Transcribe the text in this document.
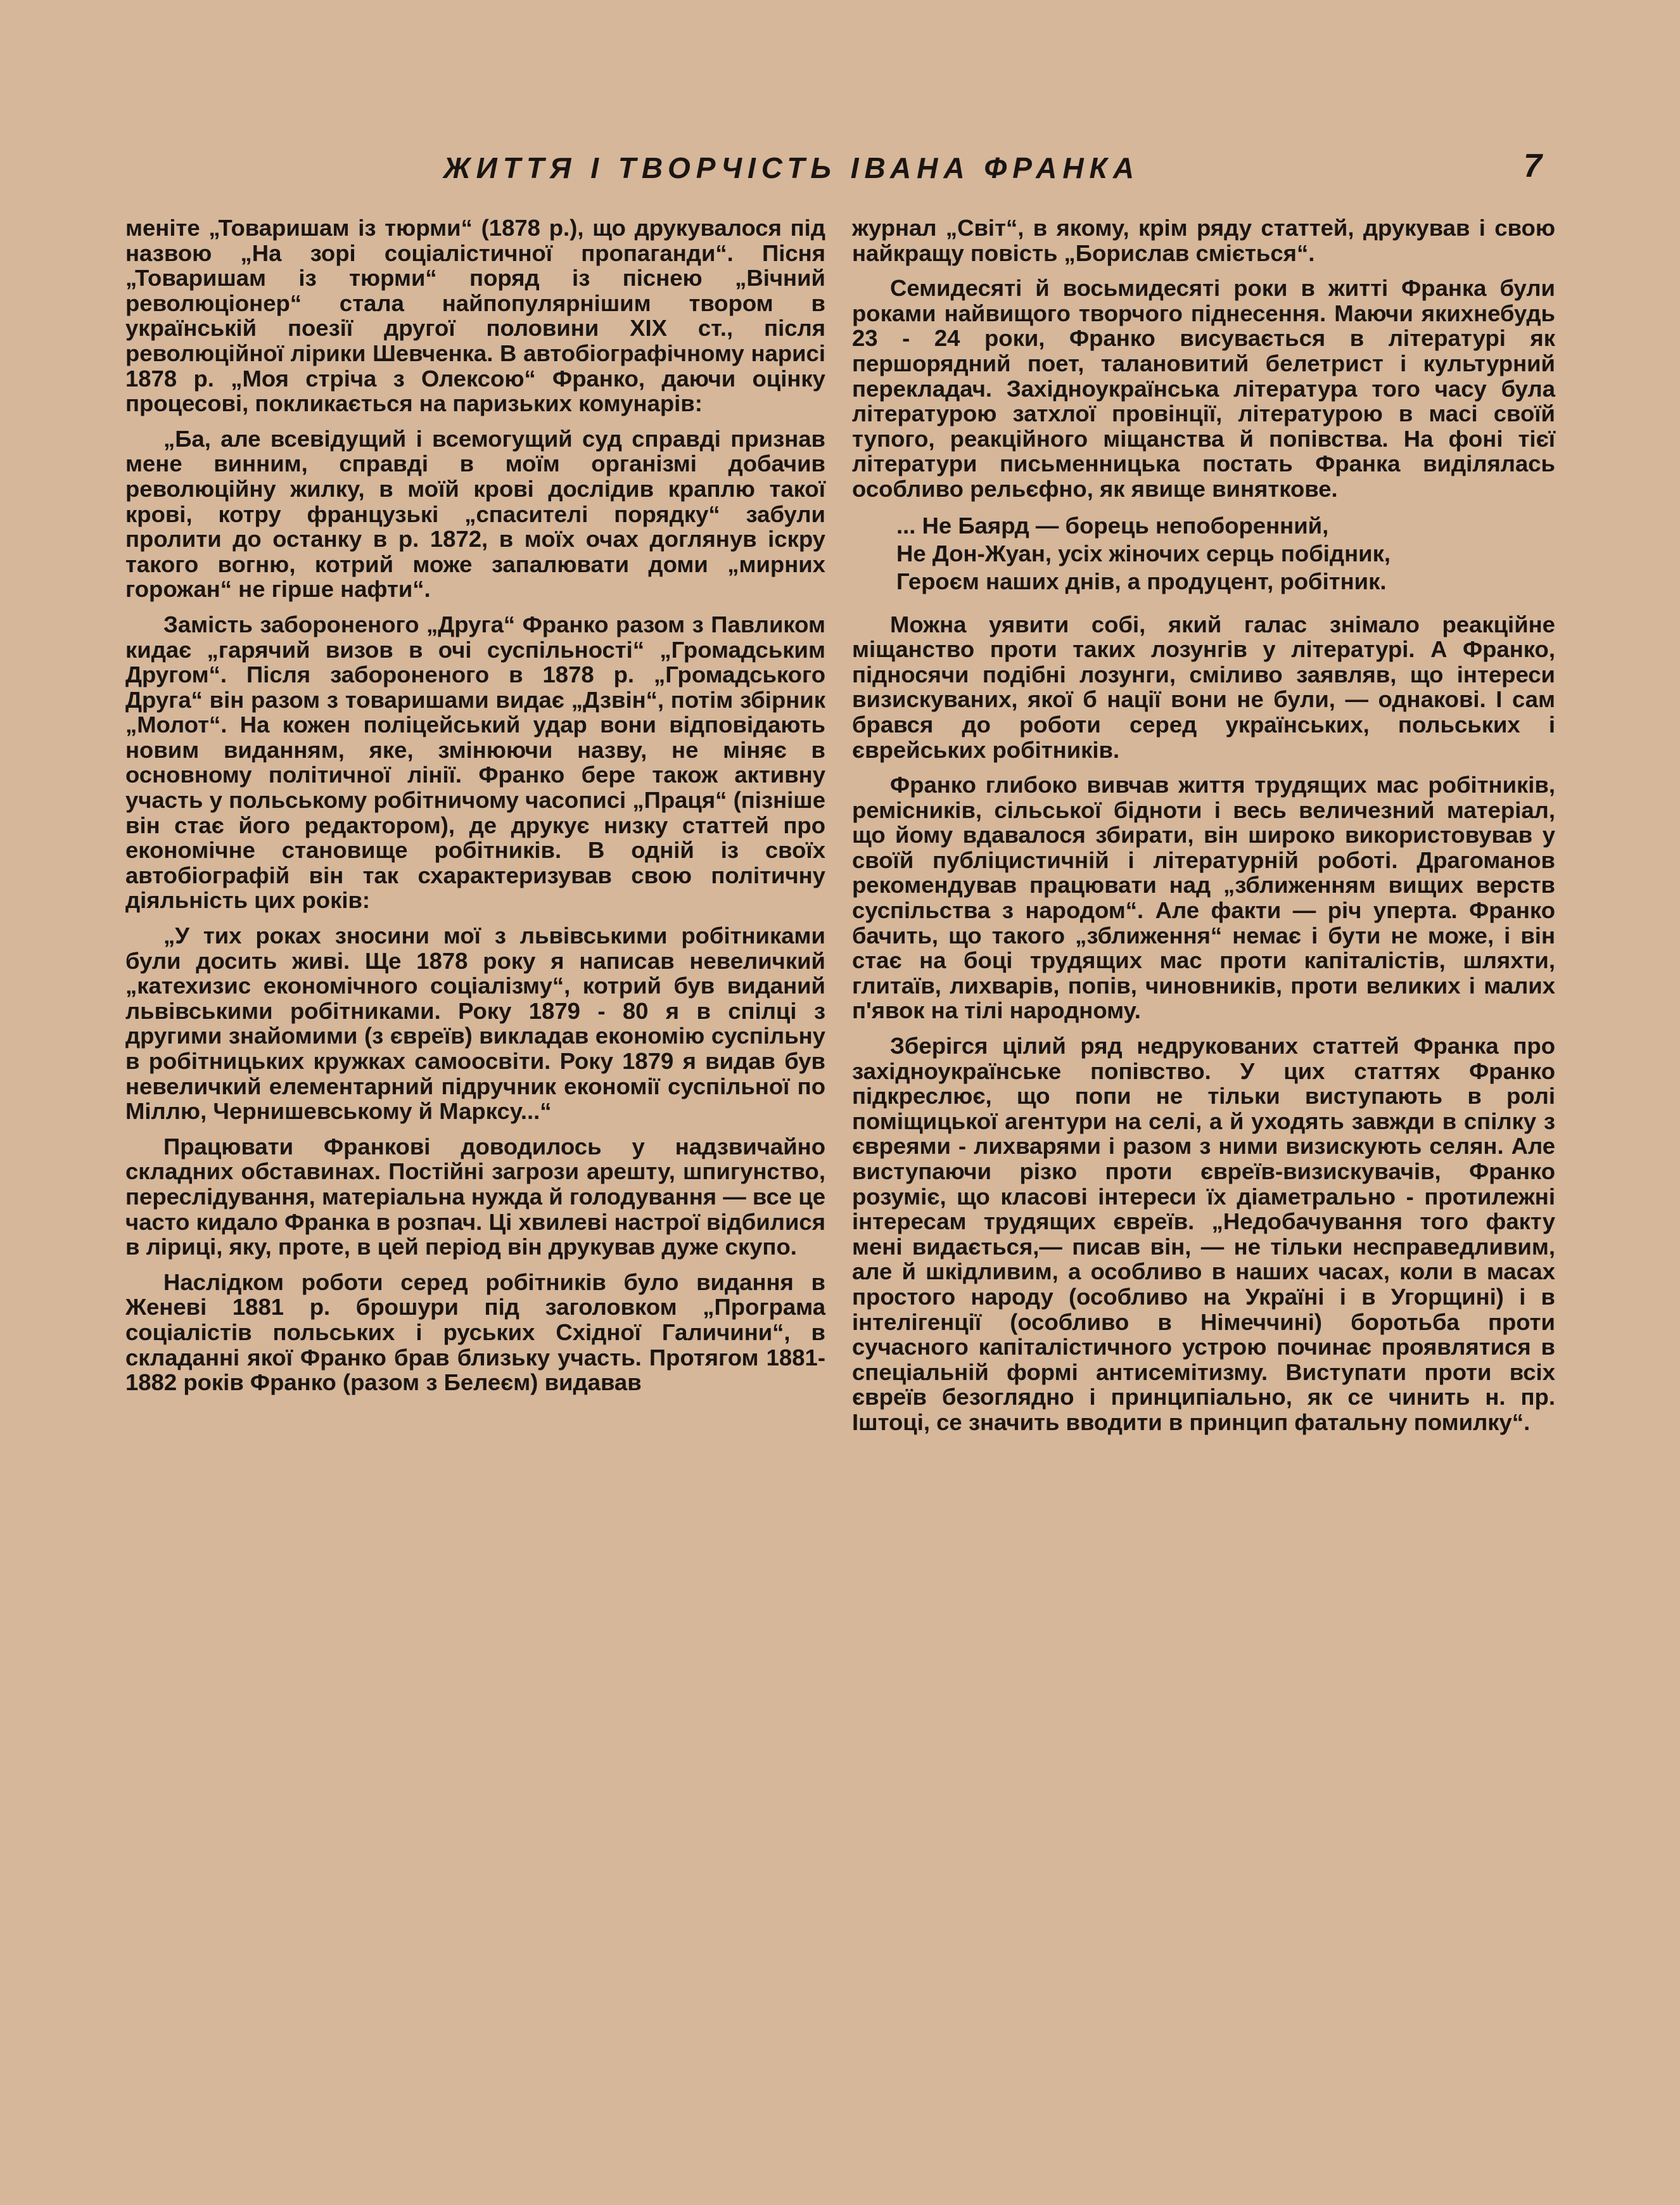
ЖИТТЯ І ТВОРЧІСТЬ ІВАНА ФРАНКА	7

меніте „Товаришам із тюрми“ (1878 р.), що друкувалося під назвою „На зорі соціалістичної пропаганди“. Пісня „Товаришам із тюрми“ поряд із піснею „Вічний революціонер“ стала найпопулярнішим твором в українській поезії другої половини XIX ст., після революційної лірики Шевченка. В автобіографічному нарисі 1878 р. „Моя стріча з Олексою“ Франко, даючи оцінку процесові, покликається на паризьких комунарів:

„Ба, але всевідущий і всемогущий суд справді признав мене винним, справді в моїм організмі добачив революційну жилку, в моїй крові дослідив краплю такої крові, котру французькі „спасителі порядку“ забули пролити до останку в р. 1872, в моїх очах доглянув іскру такого вогню, котрий може запалювати доми „мирних горожан“ не гірше нафти“.

Замість забороненого „Друга“ Франко разом з Павликом кидає „гарячий визов в очі суспільності“ „Громадським Другом“. Після забороненого в 1878 р. „Громадського Друга“ він разом з товаришами видає „Дзвін“, потім збірник „Молот“. На кожен поліцейський удар вони відповідають новим виданням, яке, змінюючи назву, не міняє в основному політичної лінії. Франко бере також активну участь у польському робітничому часописі „Праця“ (пізніше він стає його редактором), де друкує низку статтей про економічне становище робітників. В одній із своїх автобіографій він так схарактеризував свою політичну діяльність цих років:

„У тих роках зносини мої з львівськими робітниками були досить живі. Ще 1878 року я написав невеличкий „катехизис економічного соціалізму“, котрий був виданий львівськими робітниками. Року 1879 - 80 я в спілці з другими знайомими (з євреїв) викладав економію суспільну в робітницьких кружках самоосвіти. Року 1879 я видав був невеличкий елементарний підручник економії суспільної по Міллю, Чернишевському й Марксу...“

Працювати Франкові доводилось у надзвичайно складних обставинах. Постійні загрози арешту, шпигунство, переслідування, матеріальна нужда й голодування — все це часто кидало Франка в розпач. Ці хвилеві настрої відбилися в ліриці, яку, проте, в цей період він друкував дуже скупо.

Наслідком роботи серед робітників було видання в Женеві 1881 р. брошури під заголовком „Програма соціалістів польських і руських Східної Галичини“, в складанні якої Франко брав близьку участь. Протягом 1881-1882 років Франко (разом з Белеєм) видавав

журнал „Світ“, в якому, крім ряду статтей, друкував і свою найкращу повість „Борислав сміється“.

Семидесяті й восьмидесяті роки в житті Франка були роками найвищого творчого піднесення. Маючи якихнебудь 23 - 24 роки, Франко висувається в літературі як першорядний поет, талановитий белетрист і культурний перекладач. Західноукраїнська література того часу була літературою затхлої провінції, літературою в масі своїй тупого, реакційного міщанства й попівства. На фоні тієї літератури письменницька постать Франка виділялась особливо рельєфно, як явище виняткове.

... Не Баярд — борець непоборенний,
Не Дон-Жуан, усіх жіночих серць побідник,
Героєм наших днів, а продуцент, робітник.

Можна уявити собі, який галас знімало реакційне міщанство проти таких лозунгів у літературі. А Франко, підносячи подібні лозунги, сміливо заявляв, що інтереси визискуваних, якої б нації вони не були, — однакові. І сам брався до роботи серед українських, польських і єврейських робітників.

Франко глибоко вивчав життя трудящих мас робітників, ремісників, сільської бідноти і весь величезний матеріал, що йому вдавалося збирати, він широко використовував у своїй публіцистичній і літературній роботі. Драгоманов рекомендував працювати над „зближенням вищих верств суспільства з народом“. Але факти — річ уперта. Франко бачить, що такого „зближення“ немає і бути не може, і він стає на боці трудящих мас проти капіталістів, шляхти, глитаїв, лихварів, попів, чиновників, проти великих і малих п'явок на тілі народному.

Зберігся цілий ряд недрукованих статтей Франка про західноукраїнське попівство. У цих статтях Франко підкреслює, що попи не тільки виступають в ролі поміщицької агентури на селі, а й уходять завжди в спілку з євреями - лихварями і разом з ними визискують селян. Але виступаючи різко проти євреїв-визискувачів, Франко розуміє, що класові інтереси їх діаметрально - протилежні інтересам трудящих євреїв. „Недобачування того факту мені видається,— писав він, — не тільки несправедливим, але й шкідливим, а особливо в наших часах, коли в масах простого народу (особливо на Україні і в Угорщині) і в інтелігенції (особливо в Німеччині) боротьба проти сучасного капіталістичного устрою починає проявлятися в спеціальній формі антисемітизму. Виступати проти всіх євреїв безоглядно і принципіально, як се чинить н. пр. Іштоці, се значить вводити в принцип фатальну помилку“.
